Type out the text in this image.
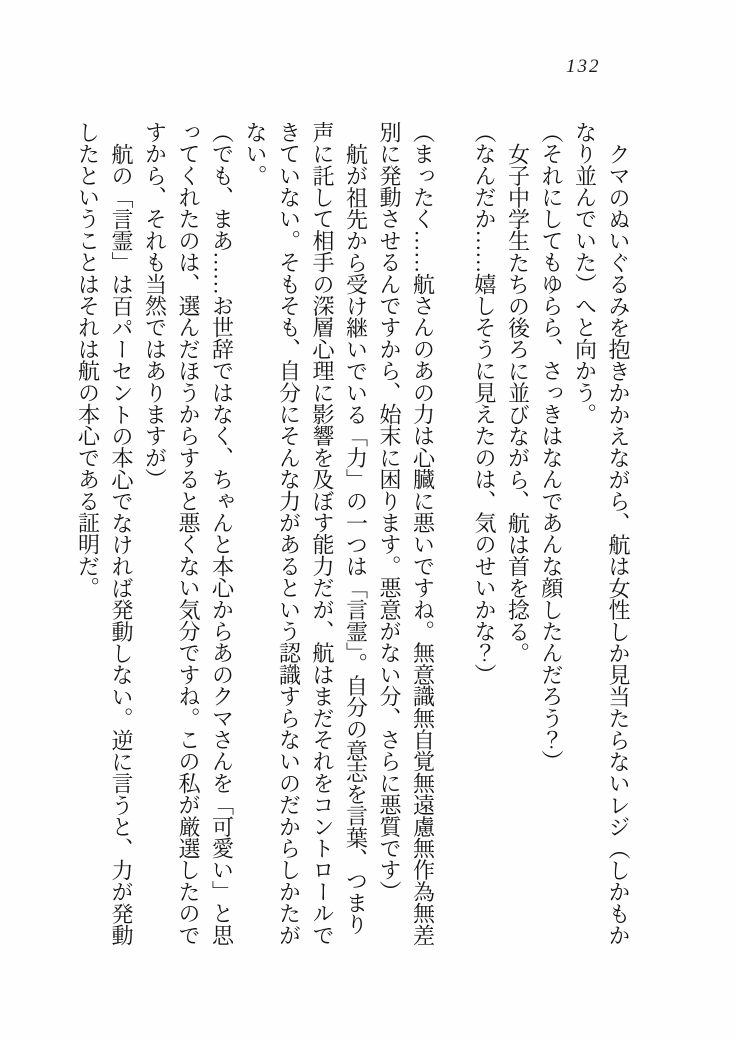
132
クマのぬいぐるみを抱きかかえながら、航は女性しか見当たらないレジ（しかもか
なり並んでいた）へと向かう。
（それにしてもゆらら、さっきはなんであんな顔したんだろう？）
女子中学生たちの後ろに並びながら、航は首を捻る。
（なんだか……嬉しそうに見えたのは、気のせいかな？）
（まったく……航さんのあの力は心臓に悪いですね。無意識無自覚無遠慮無作為無差
別に発動させるんですから、始末に困ります。悪意がない分、さらに悪質です）
航が祖先から受け継いでいる「力」の一つは「言霊」。自分の意志を言葉、つまり
声に託して相手の深層心理に影響を及ぼす能力だが、航はまだそれをコントロールで
きていない。そもそも、自分にそんな力があるという認識すらないのだからしかたが
ない。
（でも、まあ……お世辞ではなく、ちゃんと本心からあのクマさんを「可愛い」と思
ってくれたのは、選んだほうからすると悪くない気分ですね。この私が厳選したので
すから、それも当然ではありますが）
航の「言霊」は百パーセントの本心でなければ発動しない。逆に言うと、力が発動
したということはそれは航の本心である証明だ。
